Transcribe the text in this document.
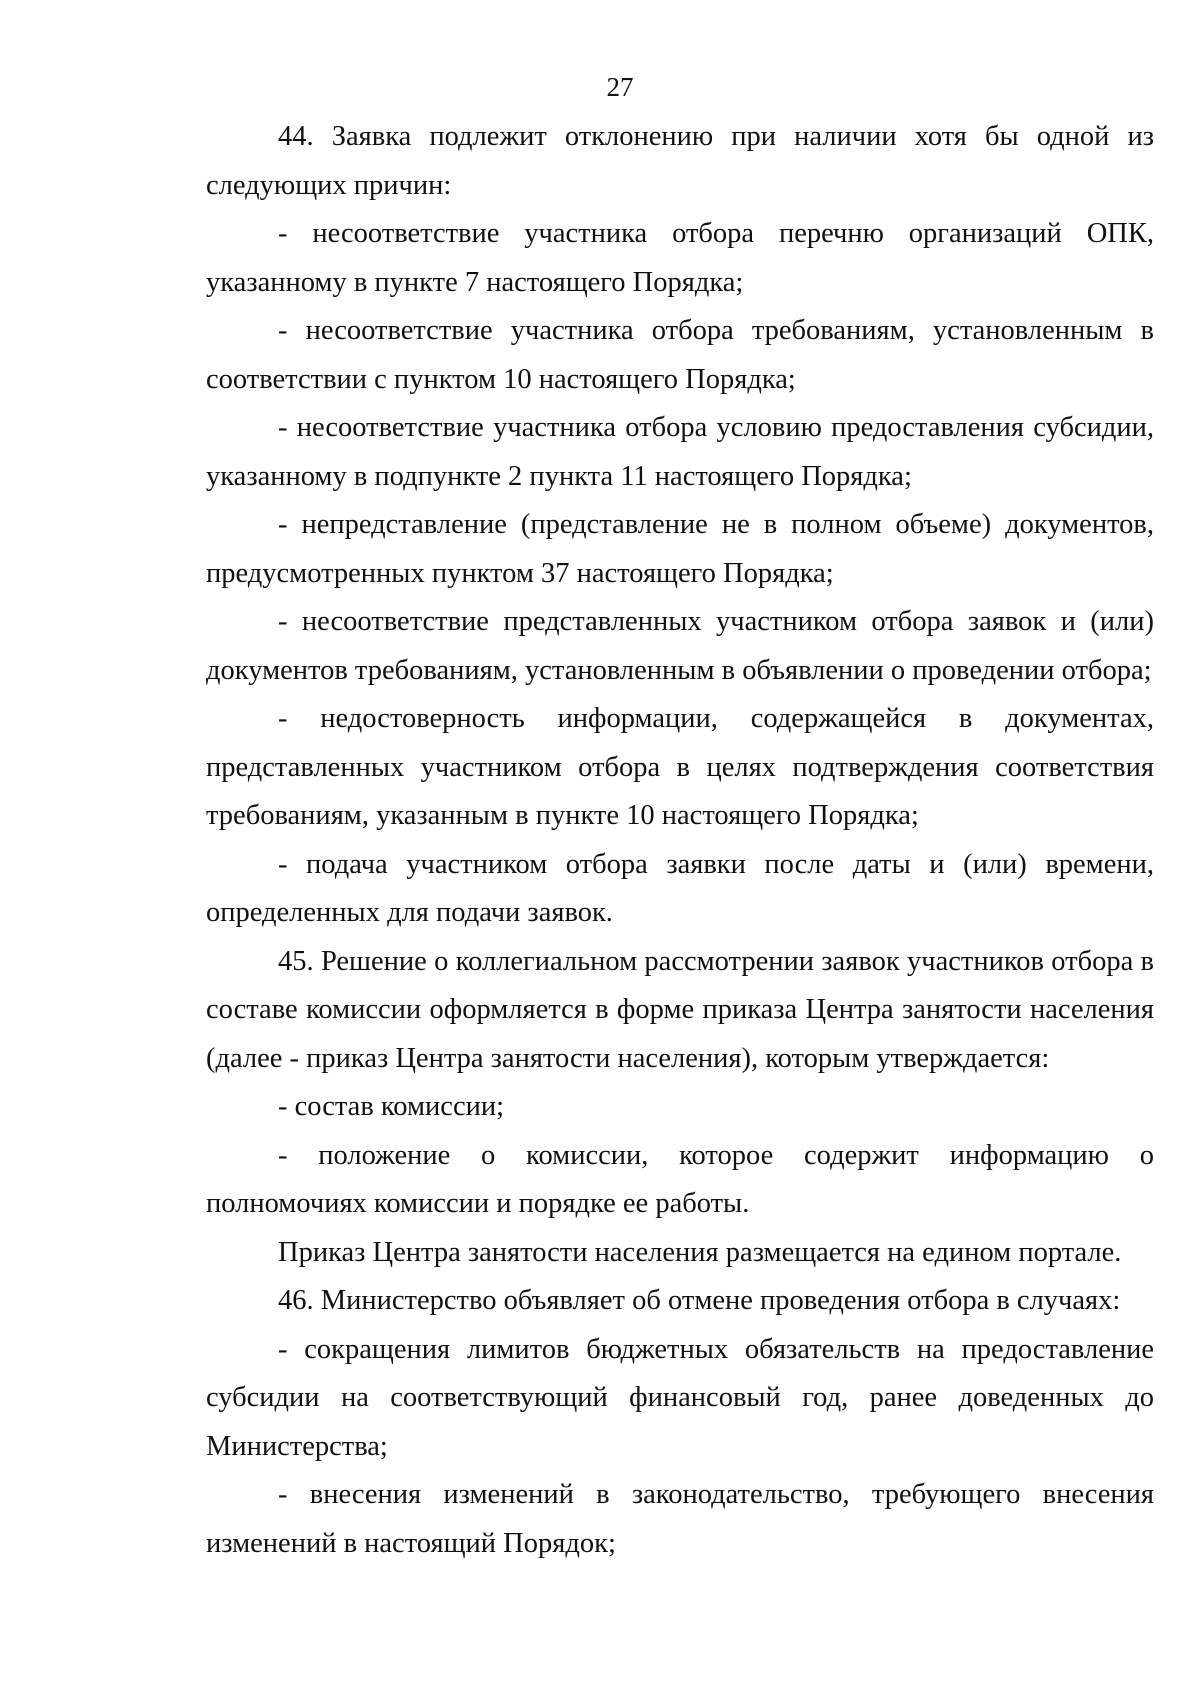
27

44. Заявка подлежит отклонению при наличии хотя бы одной из следующих причин:

- несоответствие участника отбора перечню организаций ОПК, указанному в пункте 7 настоящего Порядка;

- несоответствие участника отбора требованиям, установленным в соответствии с пунктом 10 настоящего Порядка;

- несоответствие участника отбора условию предоставления субсидии, указанному в подпункте 2 пункта 11 настоящего Порядка;

- непредставление (представление не в полном объеме) документов, предусмотренных пунктом 37 настоящего Порядка;

- несоответствие представленных участником отбора заявок и (или) документов требованиям, установленным в объявлении о проведении отбора;

- недостоверность информации, содержащейся в документах, представленных участником отбора в целях подтверждения соответствия требованиям, указанным в пункте 10 настоящего Порядка;

- подача участником отбора заявки после даты и (или) времени, определенных для подачи заявок.

45. Решение о коллегиальном рассмотрении заявок участников отбора в составе комиссии оформляется в форме приказа Центра занятости населения (далее - приказ Центра занятости населения), которым утверждается:

- состав комиссии;

- положение о комиссии, которое содержит информацию о полномочиях комиссии и порядке ее работы.

Приказ Центра занятости населения размещается на едином портале.

46. Министерство объявляет об отмене проведения отбора в случаях:

- сокращения лимитов бюджетных обязательств на предоставление субсидии на соответствующий финансовый год, ранее доведенных до Министерства;

- внесения изменений в законодательство, требующего внесения изменений в настоящий Порядок;
